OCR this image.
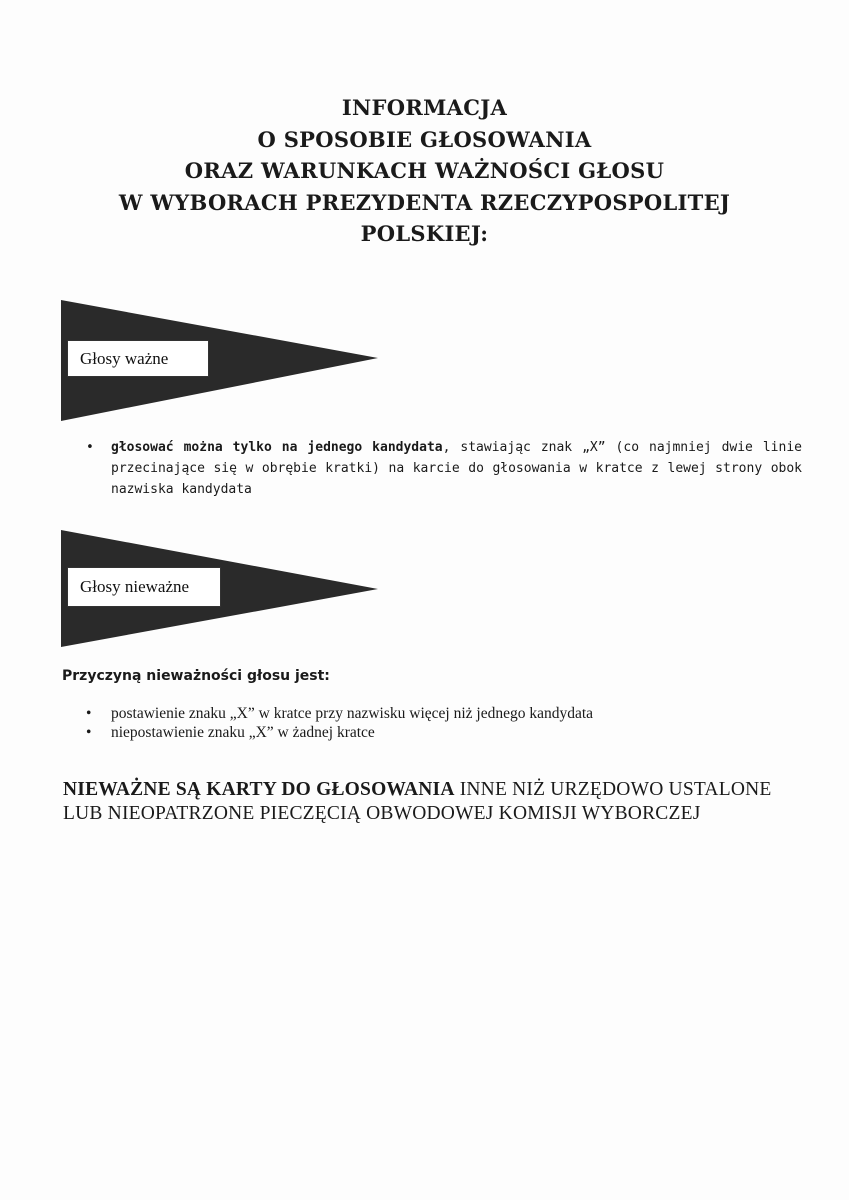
INFORMACJA
O SPOSOBIE GŁOSOWANIA
ORAZ WARUNKACH WAŻNOŚCI GŁOSU
W WYBORACH PREZYDENTA RZECZYPOSPOLITEJ
POLSKIEJ:
Głosy ważne
• głosować można tylko na jednego kandydata, stawiając znak „X” (co najmniej dwie linie przecinające się w obrębie kratki) na karcie do głosowania w kratce z lewej strony obok nazwiska kandydata
Głosy nieważne
Przyczyną nieważności głosu jest:
• postawienie znaku „X” w kratce przy nazwisku więcej niż jednego kandydata
• niepostawienie znaku „X” w żadnej kratce
NIEWAŻNE SĄ KARTY DO GŁOSOWANIA INNE NIŻ URZĘDOWO USTALONE
LUB NIEOPATRZONE PIECZĘCIĄ OBWODOWEJ KOMISJI WYBORCZEJ
